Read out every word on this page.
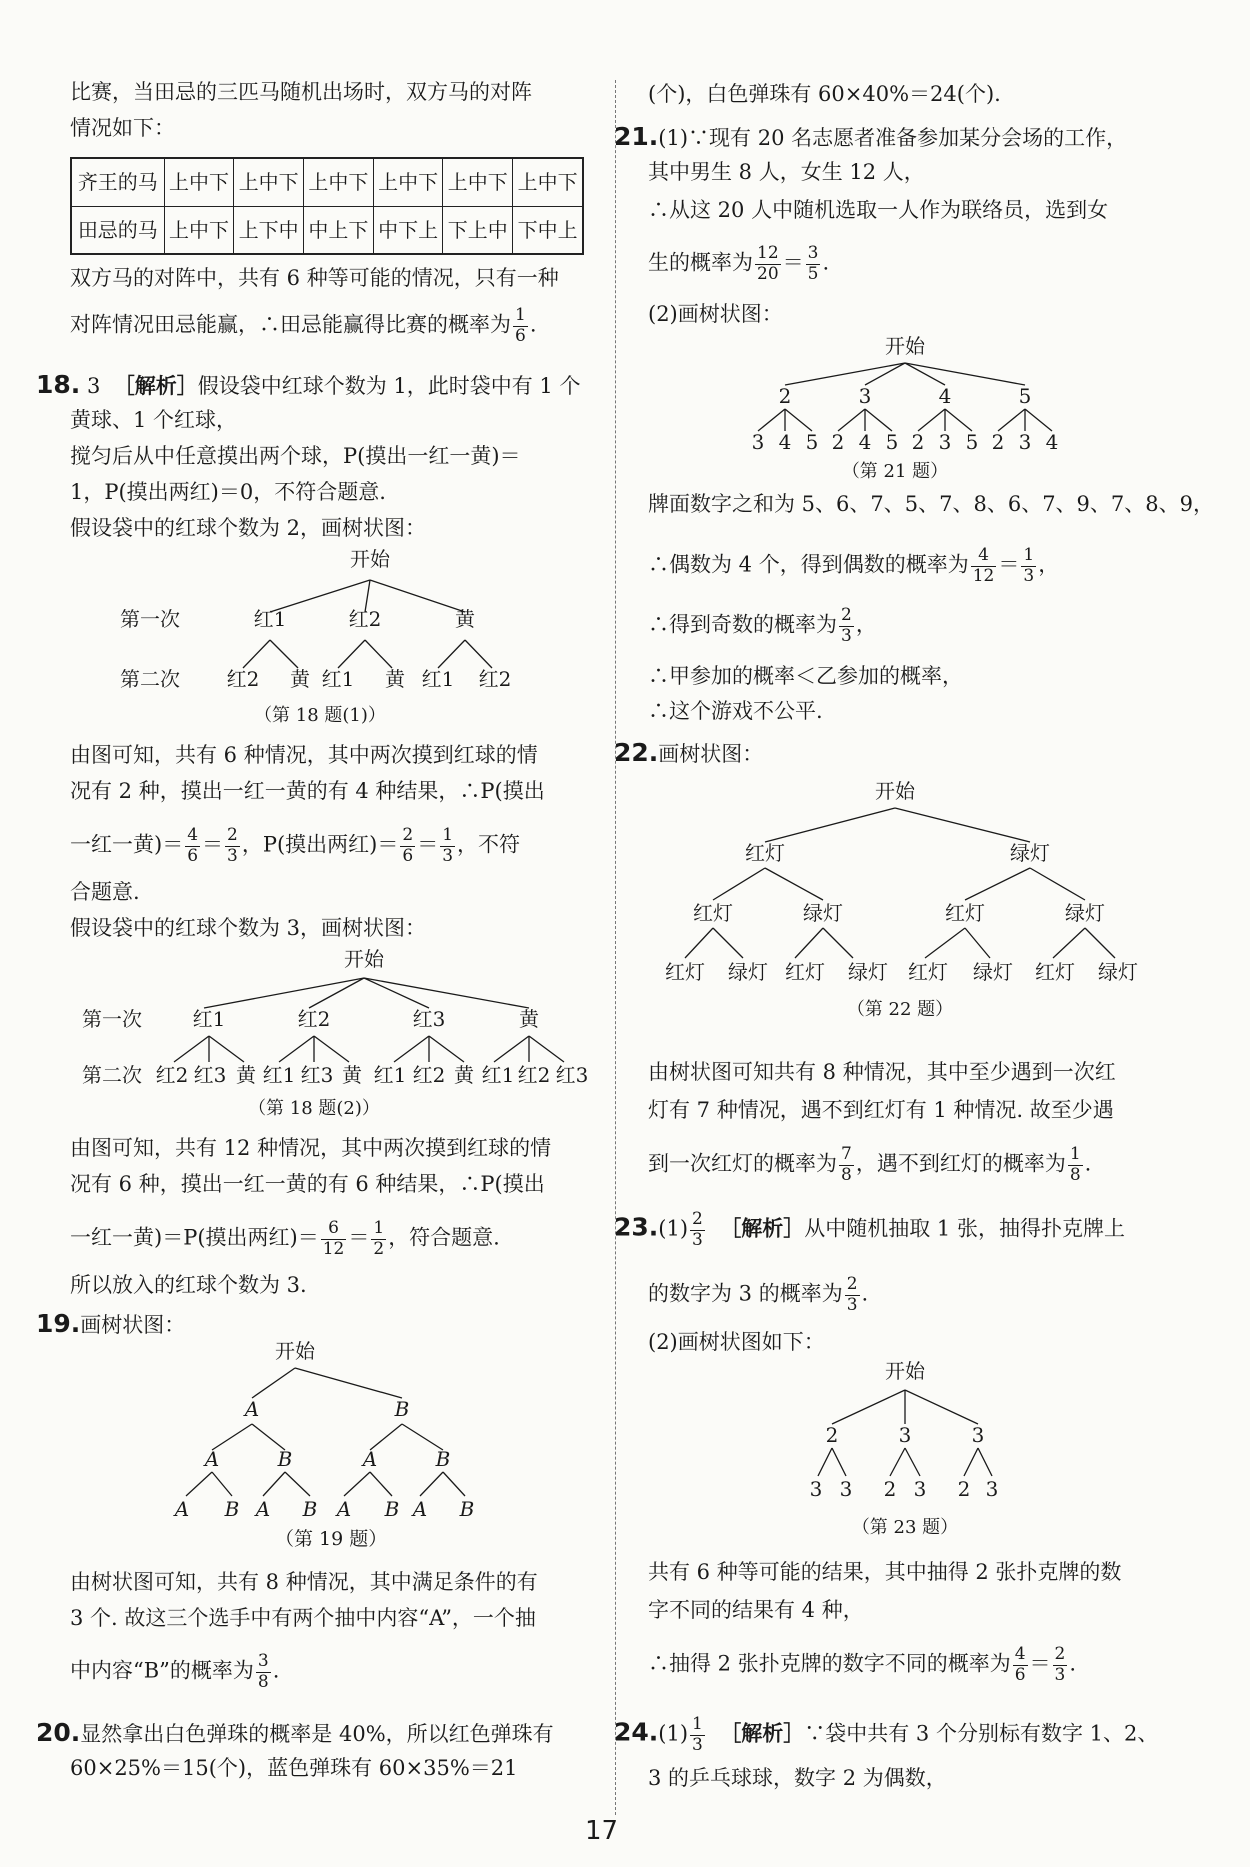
比赛，当田忌的三匹马随机出场时，双方马的对阵
情况如下：
齐王的马	上中下	上中下	上中下	上中下	上中下	上中下
田忌的马	上中下	上下中	中上下	中下上	下上中	下中上
双方马的对阵中，共有 6 种等可能的情况，只有一种
对阵情况田忌能赢，∴田忌能赢得比赛的概率为 $\frac{1}{6}$ .
18. 3 ［解析］假设袋中红球个数为 1，此时袋中有 1 个
黄球、1 个红球，
搅匀后从中任意摸出两个球，P(摸出一红一黄)＝
1，P(摸出两红)＝0，不符合题意.
假设袋中的红球个数为 2，画树状图：
开始
第一次	红1	红2	黄
第二次 红2 黄 红1 黄 红1 红2
（第 18 题(1)）
由图可知，共有 6 种情况，其中两次摸到红球的情
况有 2 种，摸出一红一黄的有 4 种结果，∴P(摸出
一红一黄)＝ $\frac{4}{6} = \frac{2}{3}$ ，P(摸出两红)＝ $\frac{2}{6} = \frac{1}{3}$ ，不符
合题意.
假设袋中的红球个数为 3，画树状图：
开始
第一次	红1	红2	红3	黄
第二次 红2 红3 黄 红1 红3 黄 红1 红2 黄 红1 红2 红3
（第 18 题(2)）
由图可知，共有 12 种情况，其中两次摸到红球的情
况有 6 种，摸出一红一黄的有 6 种结果，∴P(摸出
一红一黄)＝P(摸出两红)＝ $\frac{6}{12} = \frac{1}{2}$ ，符合题意.
所以放入的红球个数为 3.
19.画树状图：
开始
A	B
A	B	A	B
A B A B A B A B
（第 19 题）
由树状图可知，共有 8 种情况，其中满足条件的有
3 个. 故这三个选手中有两个抽中内容“A”，一个抽
中内容“B”的概率为 $\frac{3}{8}$ .
20.显然拿出白色弹珠的概率是 40%，所以红色弹珠有
60×25%＝15(个)，蓝色弹珠有 60×35%＝21
(个)，白色弹珠有 60×40%＝24(个).
21.(1)∵现有 20 名志愿者准备参加某分会场的工作，
其中男生 8 人，女生 12 人，
∴从这 20 人中随机选取一人作为联络员，选到女
生的概率为 $\frac{12}{20} = \frac{3}{5}$ .
(2)画树状图：
开始
2	3	4	5
3 4 5 2 4 5 2 3 5 2 3 4
（第 21 题）
牌面数字之和为 5、6、7、5、7、8、6、7、9、7、8、9，
∴偶数为 4 个，得到偶数的概率为 $\frac{4}{12} = \frac{1}{3}$ ，
∴得到奇数的概率为 $\frac{2}{3}$ ，
∴甲参加的概率＜乙参加的概率，
∴这个游戏不公平.
22.画树状图：
开始
红灯	绿灯
红灯	绿灯	红灯	绿灯
红灯 绿灯 红灯 绿灯 红灯 绿灯 红灯 绿灯
（第 22 题）
由树状图可知共有 8 种情况，其中至少遇到一次红
灯有 7 种情况，遇不到红灯有 1 种情况. 故至少遇
到一次红灯的概率为 $\frac{7}{8}$ ，遇不到红灯的概率为 $\frac{1}{8}$ .
$23.(1) \frac{2}{3}$ ［解析］从中随机抽取 1 张，抽得扑克牌上
的数字为 3 的概率为 $\frac{2}{3}$ .
(2)画树状图如下：
开始
2	3	3
3 3 2 3 2 3
（第 23 题）
共有 6 种等可能的结果，其中抽得 2 张扑克牌的数
字不同的结果有 4 种，
∴抽得 2 张扑克牌的数字不同的概率为 $\frac{4}{6} = \frac{2}{3}$ .
$24.(1) \frac{1}{3}$ ［解析］∵袋中共有 3 个分别标有数字 1、2、
3 的乒乓球球，数字 2 为偶数，
17
